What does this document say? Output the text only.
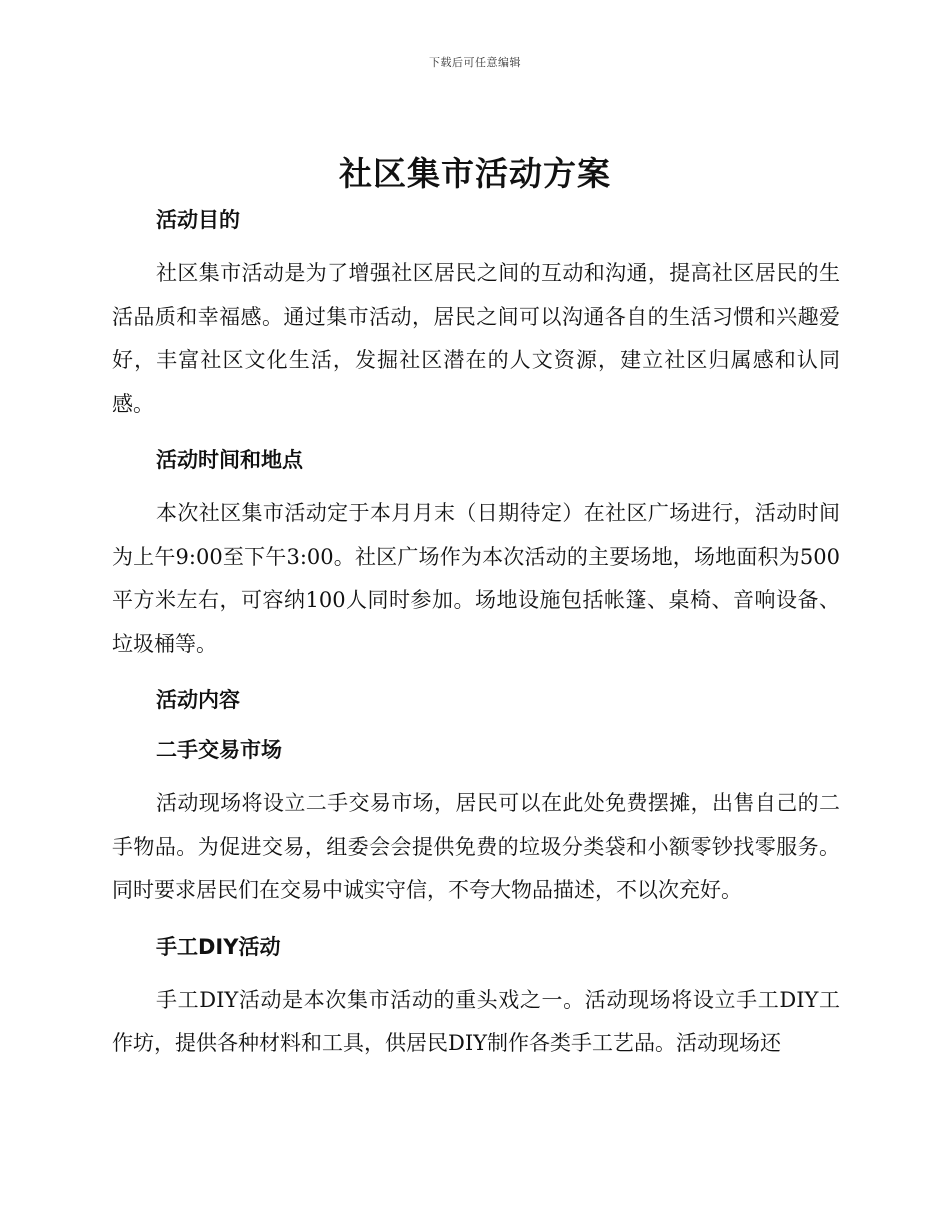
下载后可任意编辑
社区集市活动方案
活动目的

社区集市活动是为了增强社区居民之间的互动和沟通，提高社区居民的生活品质和幸福感。通过集市活动，居民之间可以沟通各自的生活习惯和兴趣爱好，丰富社区文化生活，发掘社区潜在的人文资源，建立社区归属感和认同感。

活动时间和地点

本次社区集市活动定于本月月末（日期待定）在社区广场进行，活动时间为上午9:00至下午3:00。社区广场作为本次活动的主要场地，场地面积为500平方米左右，可容纳100人同时参加。场地设施包括帐篷、桌椅、音响设备、垃圾桶等。

活动内容
二手交易市场

活动现场将设立二手交易市场，居民可以在此处免费摆摊，出售自己的二手物品。为促进交易，组委会会提供免费的垃圾分类袋和小额零钞找零服务。同时要求居民们在交易中诚实守信，不夸大物品描述，不以次充好。

手工DIY活动

手工DIY活动是本次集市活动的重头戏之一。活动现场将设立手工DIY工作坊，提供各种材料和工具，供居民DIY制作各类手工艺品。活动现场还
